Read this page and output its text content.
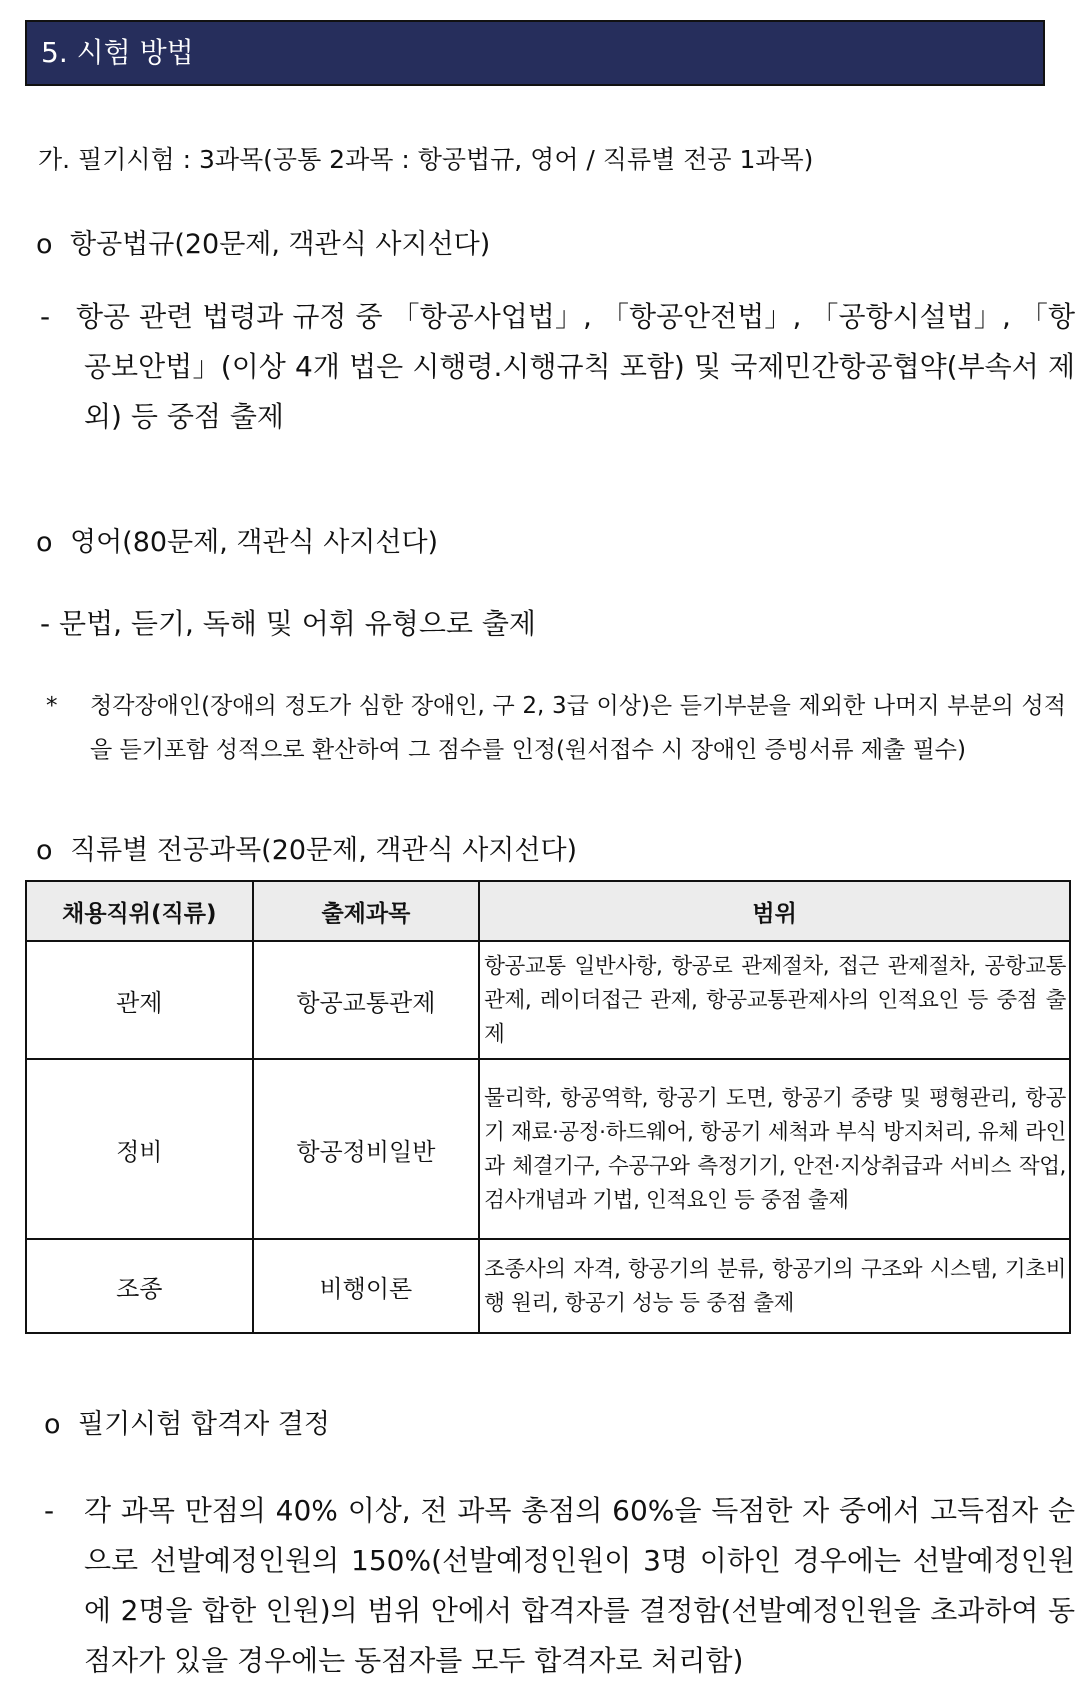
5. 시험 방법
가. 필기시험 : 3과목(공통 2과목 : 항공법규, 영어 / 직류별 전공 1과목)
ο 항공법규(20문제, 객관식 사지선다)
- 항공 관련 법령과 규정 중 「항공사업법」, 「항공안전법」, 「공항시설법」, 「항공보안법」(이상 4개 법은 시행령.시행규칙 포함) 및 국제민간항공협약(부속서 제외) 등 중점 출제
ο 영어(80문제, 객관식 사지선다)
- 문법, 듣기, 독해 및 어휘 유형으로 출제
*	청각장애인(장애의 정도가 심한 장애인, 구 2, 3급 이상)은 듣기부분을 제외한 나머지 부분의 성적을 듣기포함 성적으로 환산하여 그 점수를 인정(원서접수 시 장애인 증빙서류 제출 필수)
ο 직류별 전공과목(20문제, 객관식 사지선다)
채용직위(직류)	출제과목	범위
관제	항공교통관제	항공교통 일반사항, 항공로 관제절차, 접근 관제절차, 공항교통 관제, 레이더접근 관제, 항공교통관제사의 인적요인 등 중점 출제
정비	항공정비일반	물리학, 항공역학, 항공기 도면, 항공기 중량 및 평형관리, 항공기 재료·공정·하드웨어, 항공기 세척과 부식 방지처리, 유체 라인과 체결기구, 수공구와 측정기기, 안전·지상취급과 서비스 작업, 검사개념과 기법, 인적요인 등 중점 출제
조종	비행이론	조종사의 자격, 항공기의 분류, 항공기의 구조와 시스템, 기초비행 원리, 항공기 성능 등 중점 출제
ο 필기시험 합격자 결정
-	각 과목 만점의 40% 이상, 전 과목 총점의 60%을 득점한 자 중에서 고득점자 순으로 선발예정인원의 150%(선발예정인원이 3명 이하인 경우에는 선발예정인원에 2명을 합한 인원)의 범위 안에서 합격자를 결정함(선발예정인원을 초과하여 동점자가 있을 경우에는 동점자를 모두 합격자로 처리함)
